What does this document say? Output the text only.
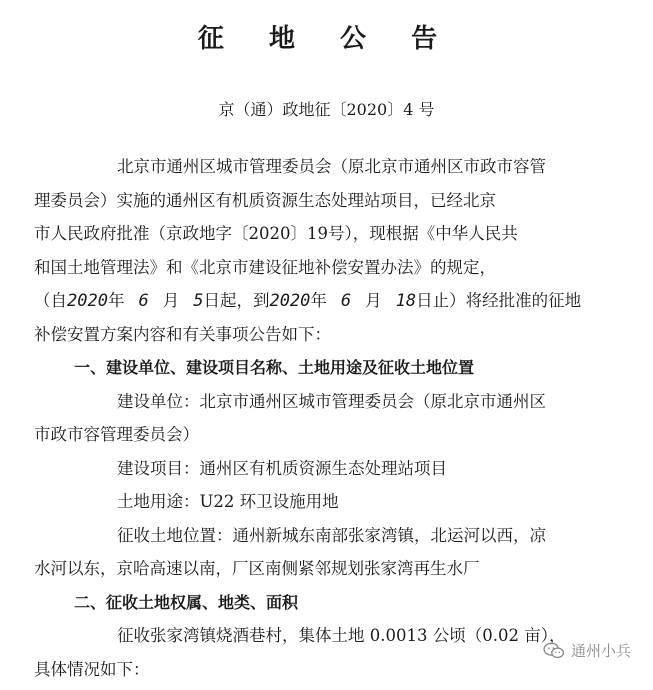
征 地 公 告
京（通）政地征〔2020〕4 号
北京市通州区城市管理委员会（原北京市通州区市政市容管
理委员会）实施的通州区有机质资源生态处理站项目，已经北京
市人民政府批准（京政地字〔2020〕19号），现根据《中华人民共
和国土地管理法》和《北京市建设征地补偿安置办法》的规定，
（自2020年 6 月 5日起，到2020年 6 月 18日止）将经批准的征地
补偿安置方案内容和有关事项公告如下：
一、建设单位、建设项目名称、土地用途及征收土地位置
建设单位：北京市通州区城市管理委员会（原北京市通州区
市政市容管理委员会）
建设项目：通州区有机质资源生态处理站项目
土地用途：U22 环卫设施用地
征收土地位置：通州新城东南部张家湾镇，北运河以西，凉
水河以东，京哈高速以南，厂区南侧紧邻规划张家湾再生水厂
二、征收土地权属、地类、面积
征收张家湾镇烧酒巷村，集体土地 0.0013 公顷（0.02 亩），
具体情况如下：
通州小兵
